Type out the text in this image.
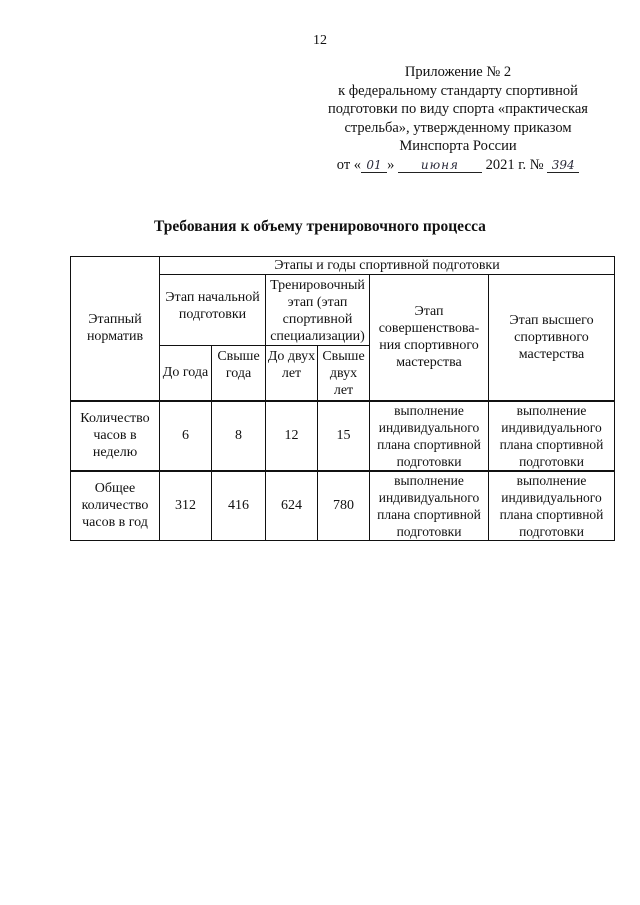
12
Приложение № 2
к федеральному стандарту спортивной
подготовки по виду спорта «практическая
стрельба», утвержденному приказом
Минспорта России
от « 01 » июня 2021 г. № 394
Требования к объему тренировочного процесса
Этапный норматив	Этапы и годы спортивной подготовки					
	Этап начальной подготовки		Тренировочный этап (этап спортивной специализации)		Этап совершенствова-ния спортивного мастерства	Этап высшего спортивного мастерства
	До года	Свыше года	До двух лет	Свыше двух лет		
Количество часов в неделю	6	8	12	15	выполнение индивидуального плана спортивной подготовки	выполнение индивидуального плана спортивной подготовки
Общее количество часов в год	312	416	624	780	выполнение индивидуального плана спортивной подготовки	выполнение индивидуального плана спортивной подготовки
